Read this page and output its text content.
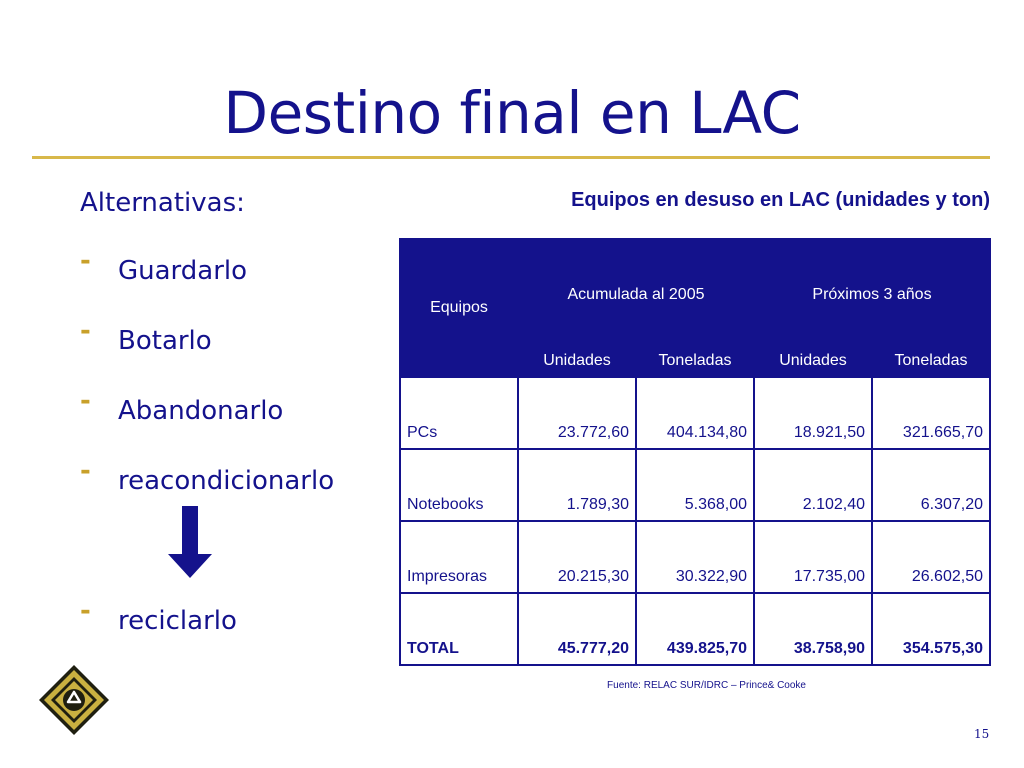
Destino final en LAC
Alternativas:
- Guardarlo
- Botarlo
- Abandonarlo
- reacondicionarlo
- reciclarlo
Equipos en desuso en LAC (unidades y ton)
Equipos	Acumulada al 2005		Próximos 3 años	
	Unidades	Toneladas	Unidades	Toneladas
PCs	23.772,60	404.134,80	18.921,50	321.665,70
Notebooks	1.789,30	5.368,00	2.102,40	6.307,20
Impresoras	20.215,30	30.322,90	17.735,00	26.602,50
TOTAL	45.777,20	439.825,70	38.758,90	354.575,30
Fuente: RELAC SUR/IDRC – Prince& Cooke
15
